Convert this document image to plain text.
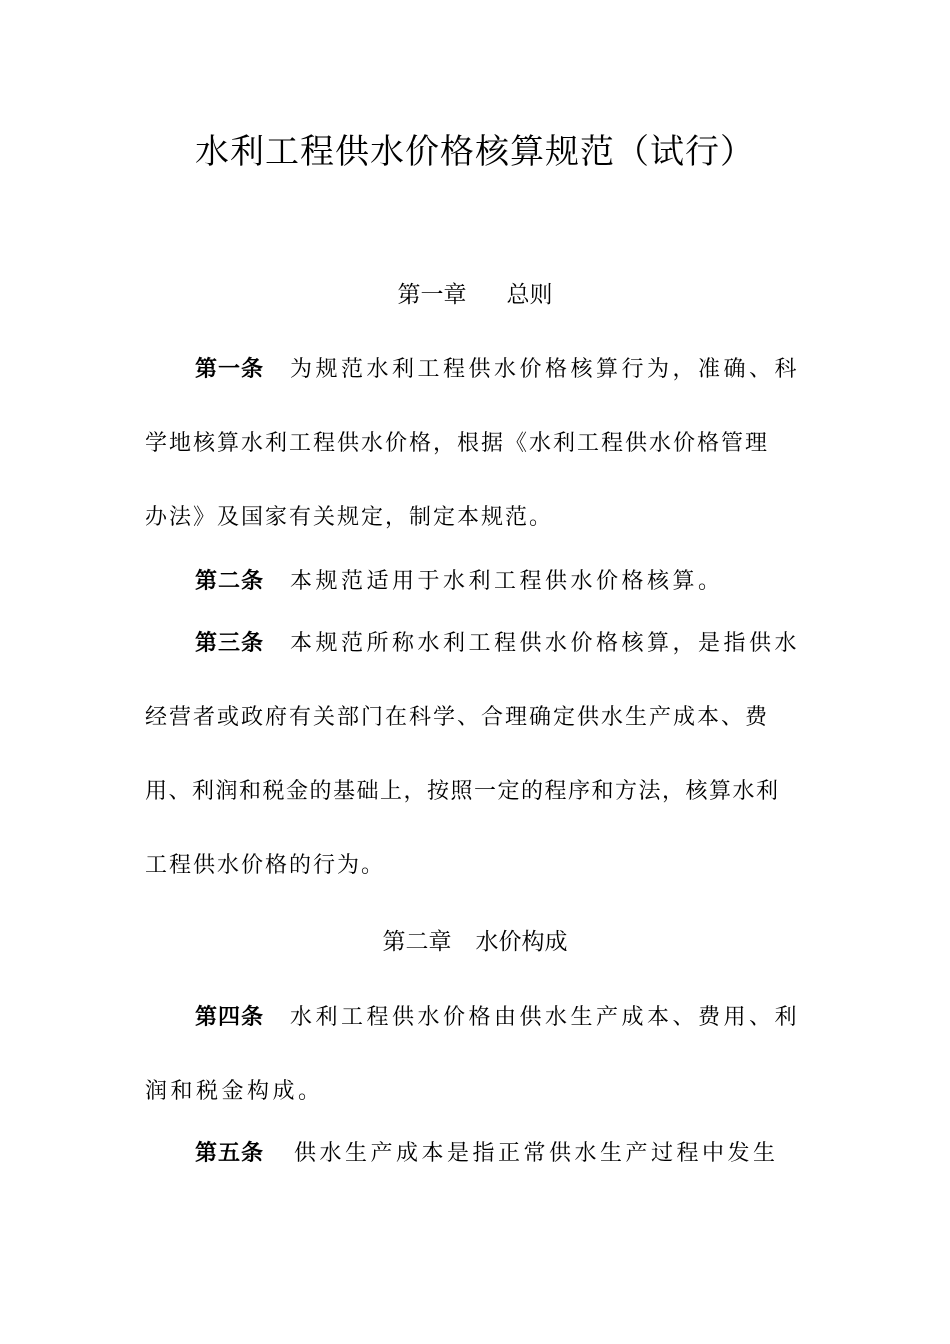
水利工程供水价格核算规范（试行）
第一章 总则
第一条 为规范水利工程供水价格核算行为，准确、科
学地核算水利工程供水价格，根据《水利工程供水价格管理
办法》及国家有关规定，制定本规范。
第二条 本规范适用于水利工程供水价格核算。
第三条 本规范所称水利工程供水价格核算，是指供水
经营者或政府有关部门在科学、合理确定供水生产成本、费
用、利润和税金的基础上，按照一定的程序和方法，核算水利
工程供水价格的行为。
第二章 水价构成
第四条 水利工程供水价格由供水生产成本、费用、利
润和税金构成。
第五条 供水生产成本是指正常供水生产过程中发生
